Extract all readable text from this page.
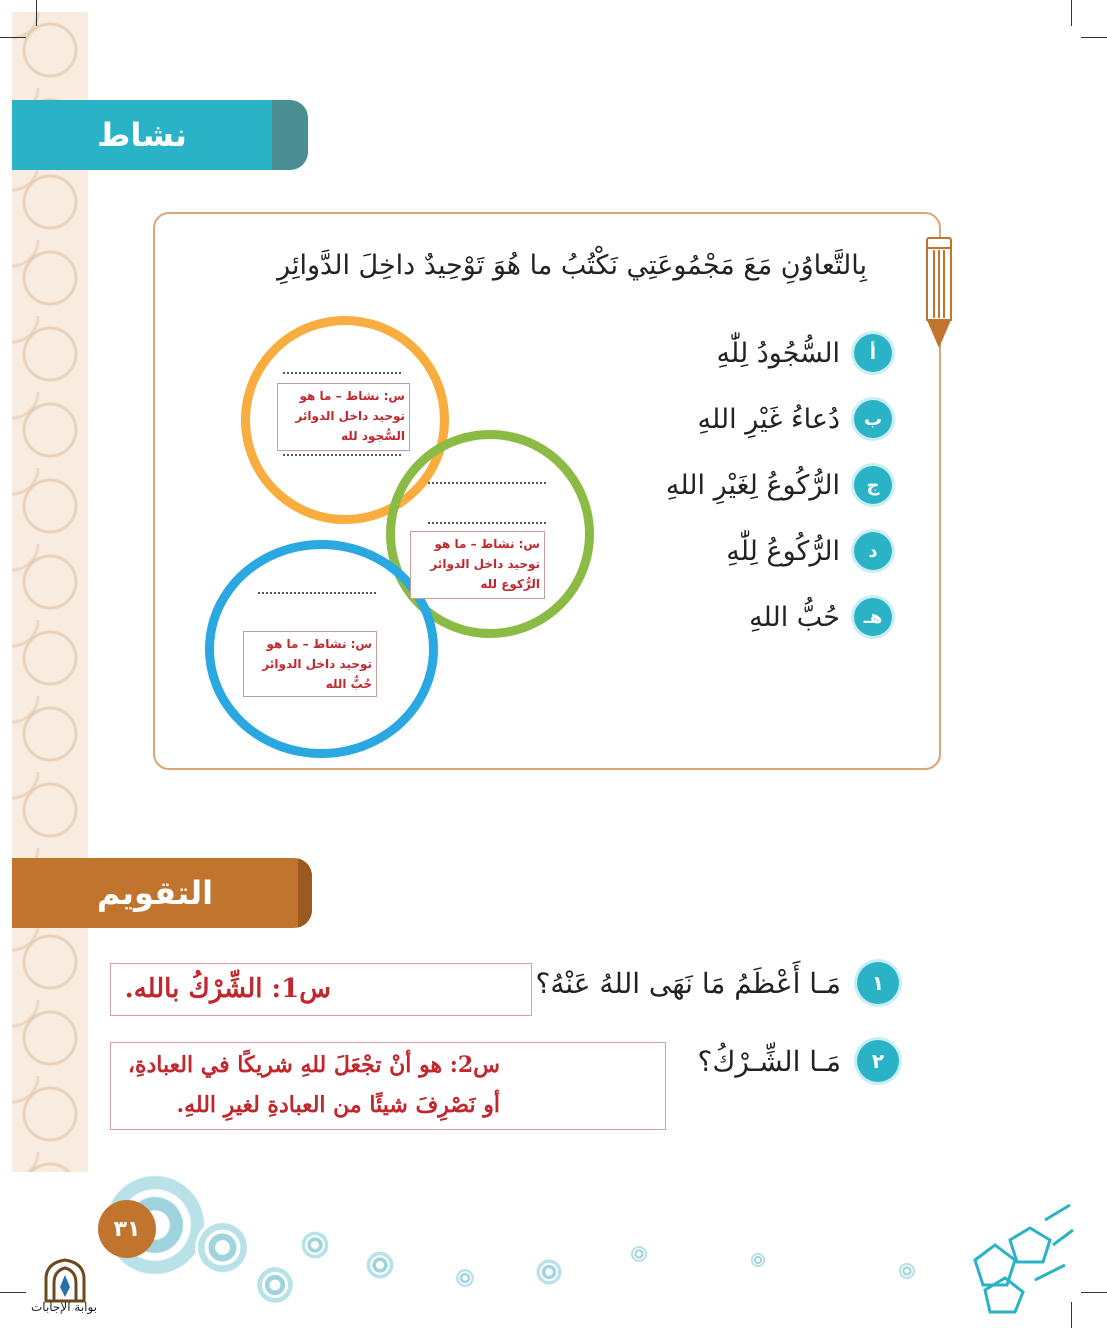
نشاط
بِالتَّعاوُنِ مَعَ مَجْمُوعَتِي نَكْتُبُ ما هُوَ تَوْحِيدٌ داخِلَ الدَّوائِرِ
أ
السُّجُودُ لِلّٰهِ
ب
دُعاءُ غَيْرِ اللهِ
ج
الرُّكُوعُ لِغَيْرِ اللهِ
د
الرُّكُوعُ لِلّٰهِ
هـ
حُبُّ اللهِ
س: نشاط – ما هو
توحيد داخل الدوائر
السُّجود لله
س: نشاط – ما هو
توحيد داخل الدوائر
الرُّكوع لله
س: نشاط – ما هو
توحيد داخل الدوائر
حُبُّ الله
التقويم
١
مَـا أَعْظَمُ مَا نَهَى اللهُ عَنْهُ؟
س1: الشِّرْكُ بالله.
٢
مَـا الشِّـرْكُ؟
س2: هو أنْ تجْعَلَ للهِ شريكًا في العبادةِ،
أو نَصْرِفَ شيئًا من العبادةِ لغيرِ اللهِ.
٣١
بوابة الإجابات
